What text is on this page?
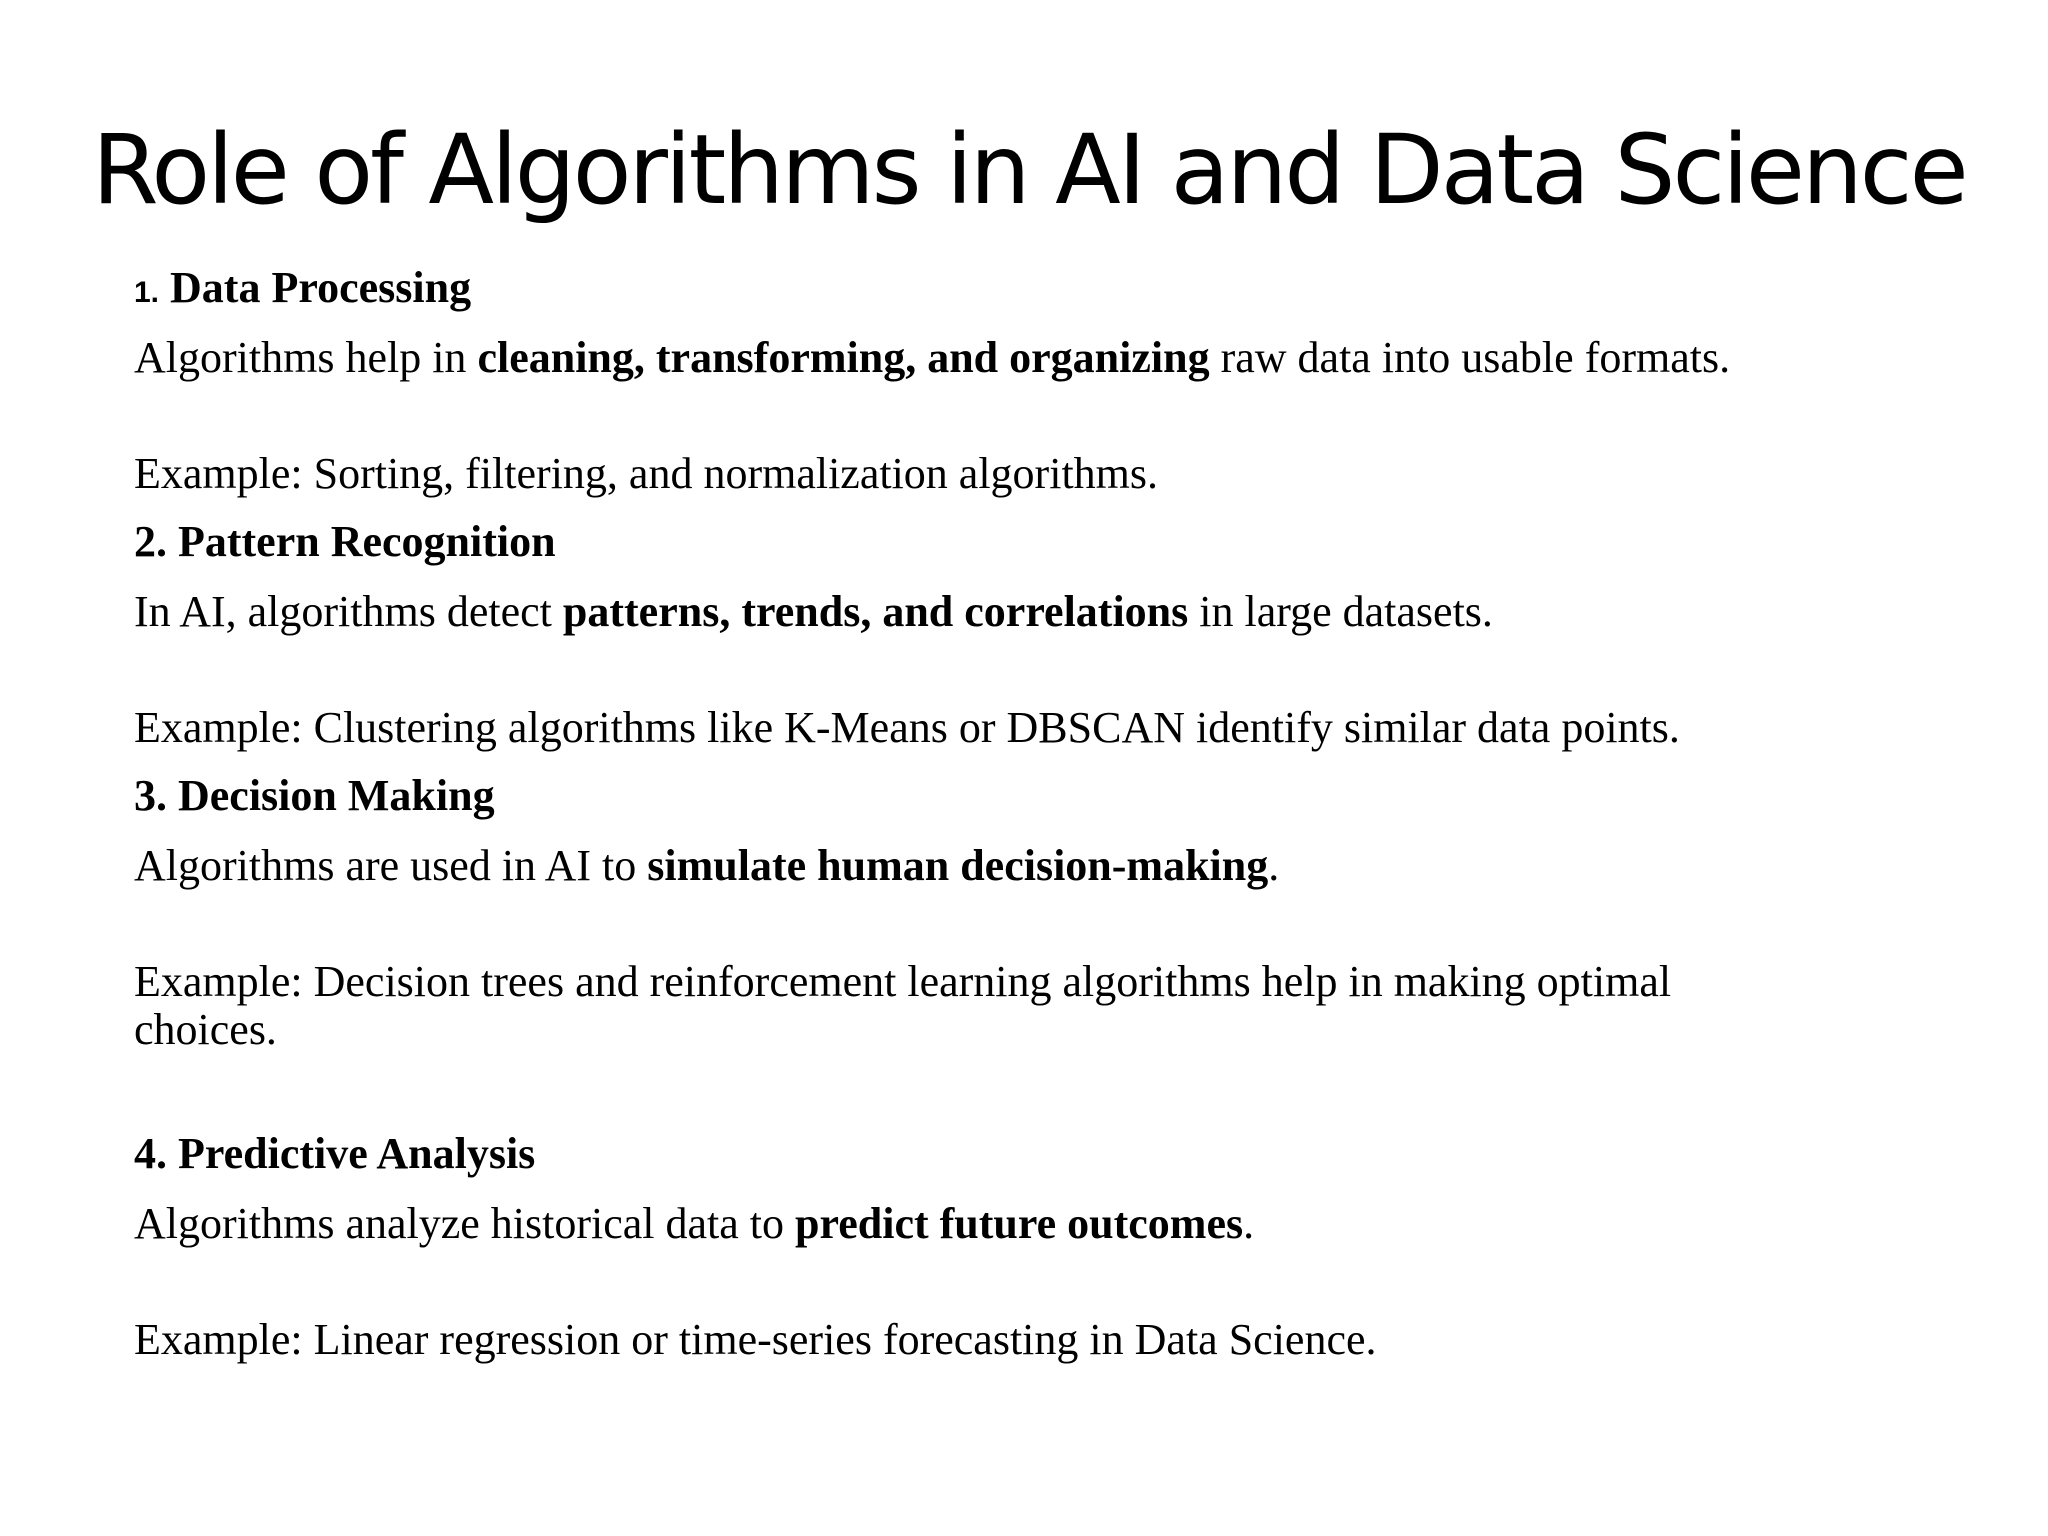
Role of Algorithms in AI and Data Science

1. Data Processing

Algorithms help in cleaning, transforming, and organizing raw data into usable formats.

Example: Sorting, filtering, and normalization algorithms.

2. Pattern Recognition

In AI, algorithms detect patterns, trends, and correlations in large datasets.

Example: Clustering algorithms like K-Means or DBSCAN identify similar data points.

3. Decision Making

Algorithms are used in AI to simulate human decision-making.

Example: Decision trees and reinforcement learning algorithms help in making optimal
choices.

4. Predictive Analysis

Algorithms analyze historical data to predict future outcomes.

Example: Linear regression or time-series forecasting in Data Science.
